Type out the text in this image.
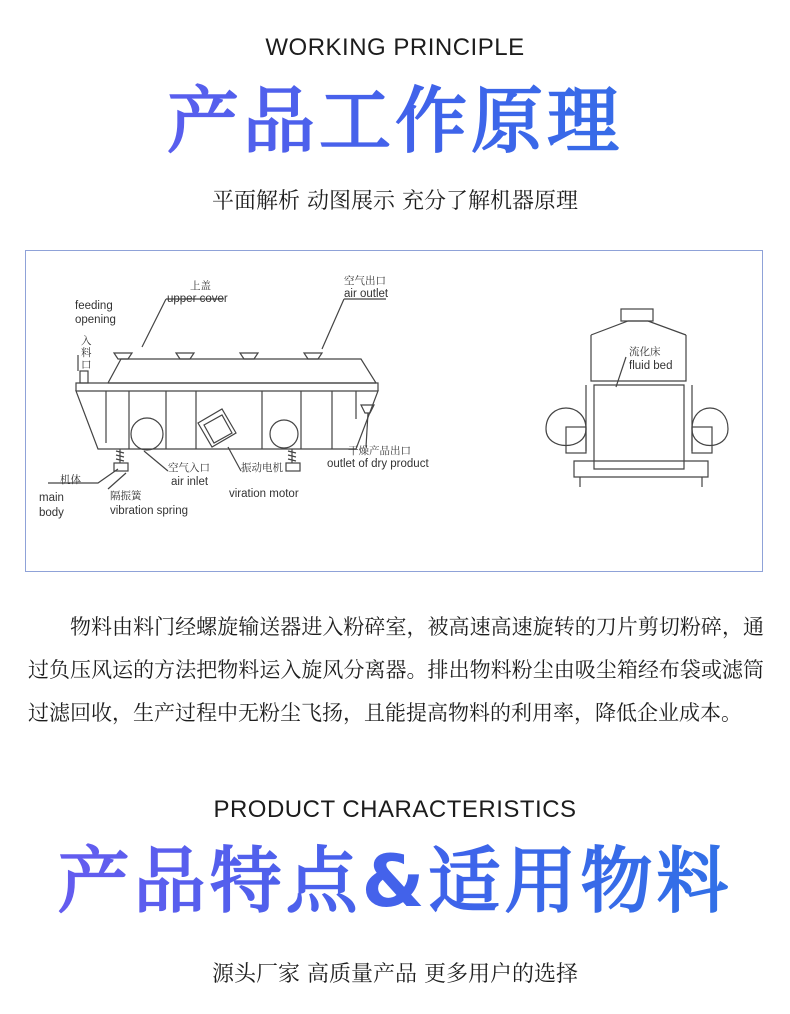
WORKING PRINCIPLE
产品工作原理
平面解析 动图展示 充分了解机器原理
上盖
upper cover
空气出口
air outlet
feeding
opening
入
料
口
干燥产品出口
outlet of dry product
空气入口
air inlet
振动电机
viration motor
机体
main
body
隔振簧
vibration spring
流化床
fluid bed

物料由料门经螺旋输送器进入粉碎室，被高速高速旋转的刀片剪切粉碎，通过负压风运的方法把物料运入旋风分离器。排出物料粉尘由吸尘箱经布袋或滤筒过滤回收，生产过程中无粉尘飞扬，且能提高物料的利用率，降低企业成本。

PRODUCT CHARACTERISTICS
产品特点&适用物料
源头厂家 高质量产品 更多用户的选择
